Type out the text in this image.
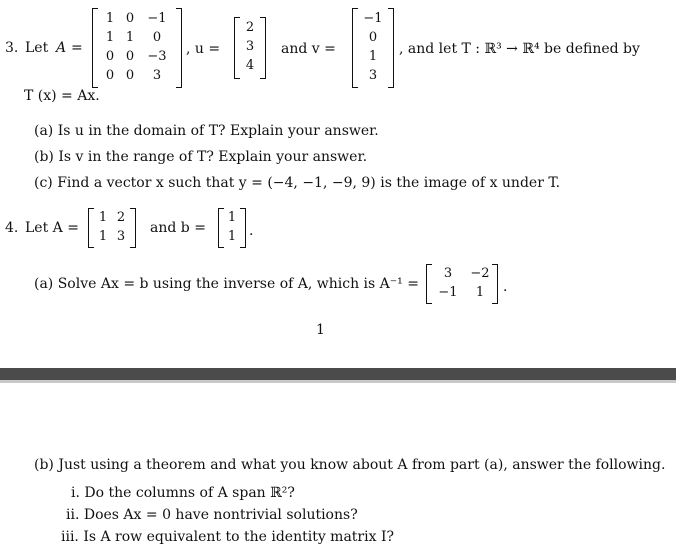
3. Let A =
1 0 −1
1 1	0
0 0 −3
0 0	3
, u =
2
3
4
and v =
−1
0
1
3
, and let T : ℝ³ → ℝ⁴ be defined by
T (x) = Ax.
(a) Is u in the domain of T? Explain your answer.
(b) Is v in the range of T? Explain your answer.
(c) Find a vector x such that y = (−4, −1, −9, 9) is the image of x under T.
4. Let A =
1 2
1 3
and b =
1
1 .
(a) Solve Ax = b using the inverse of A, which is A⁻¹ =
3	−2
−1	1	.
1
(b) Just using a theorem and what you know about A from part (a), answer the following.
i. Do the columns of A span ℝ²?
ii. Does Ax = 0 have nontrivial solutions?
iii. Is A row equivalent to the identity matrix I?
